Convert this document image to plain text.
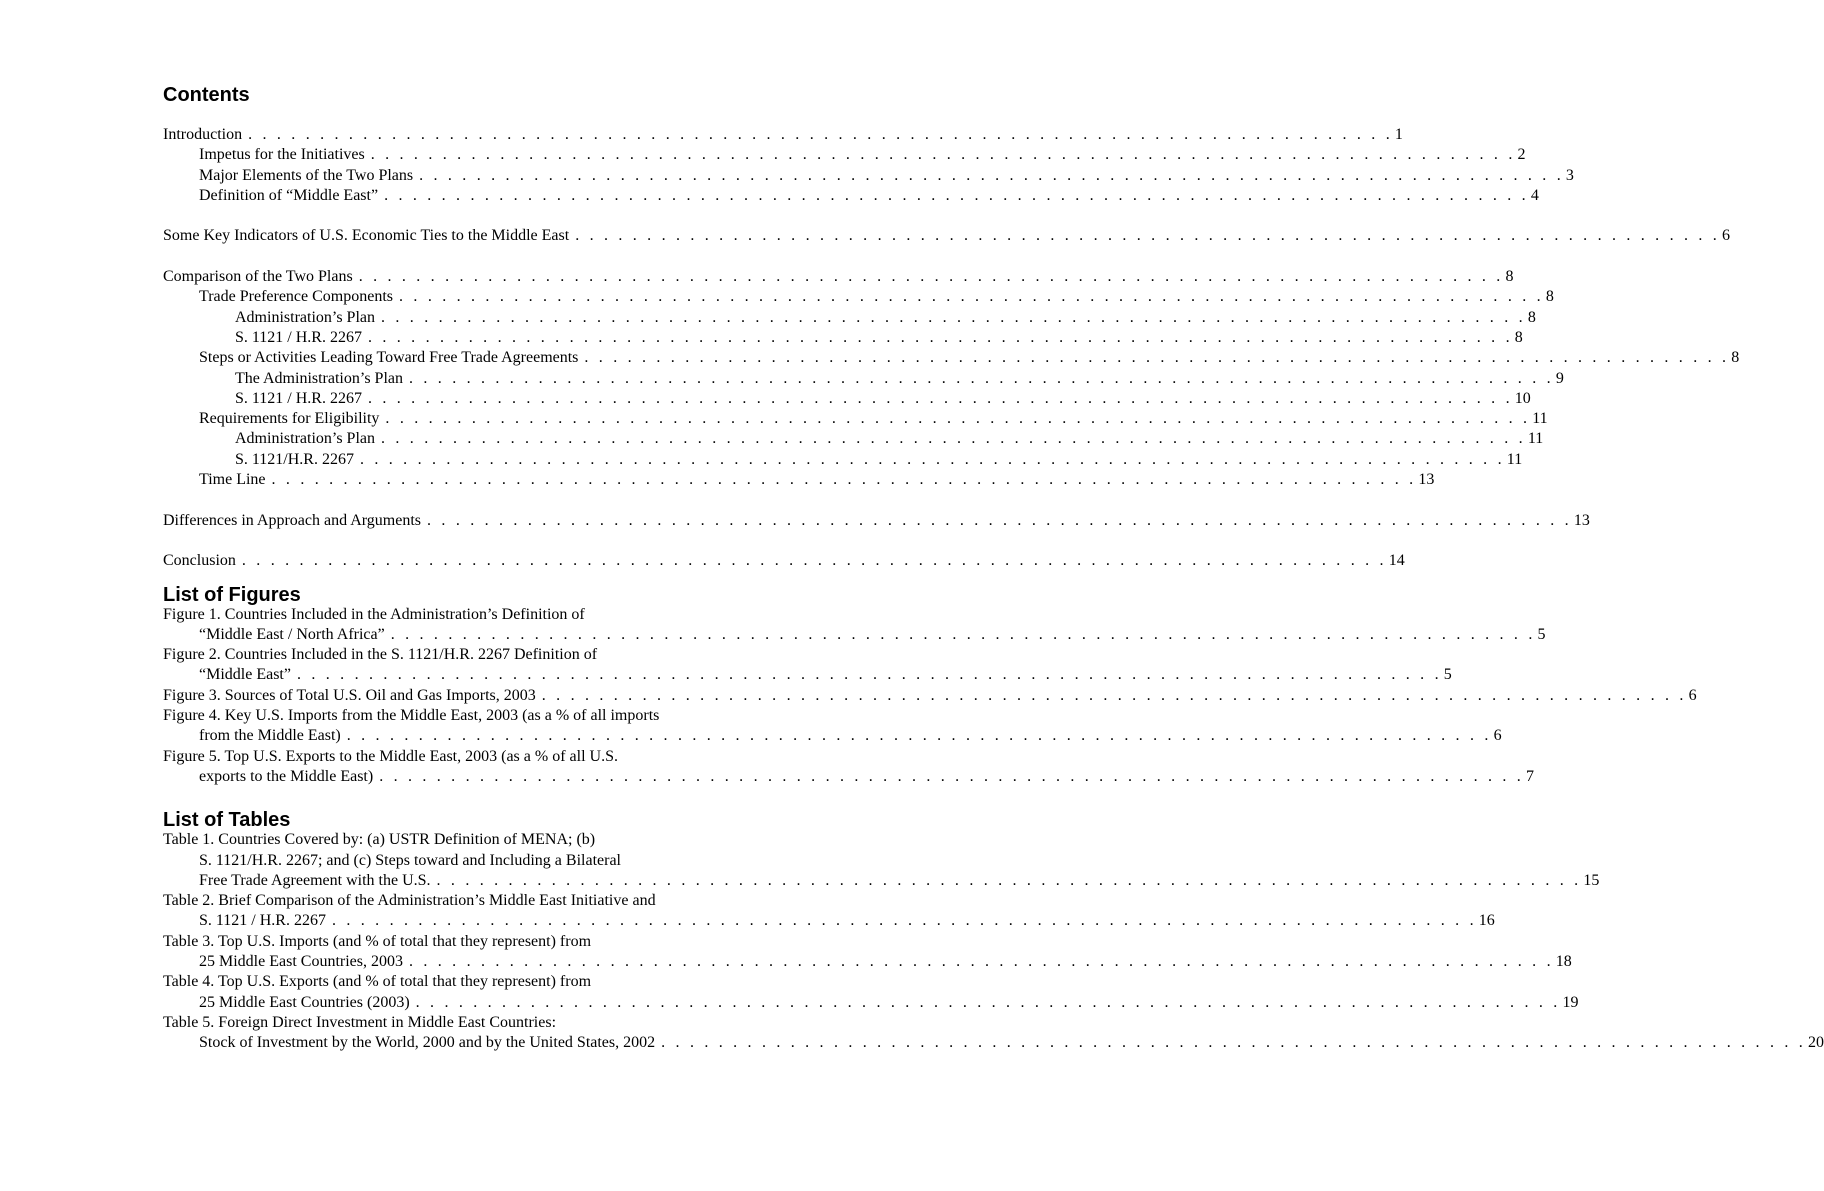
Contents
Introduction . . . . . . . . . . . . . . . . . . . . . . . . . . . . . . . . . . . . . . . . . . . . . . . . . . . . . . . . . . . . . . . . . . . . . . . . . . . . . . . . 1
Impetus for the Initiatives . . . . . . . . . . . . . . . . . . . . . . . . . . . . . . . . . . . . . . . . . . . . . . . . . . . . . . . . . . . . . . . . . . . . . . . . . . . . . . . . 2
Major Elements of the Two Plans . . . . . . . . . . . . . . . . . . . . . . . . . . . . . . . . . . . . . . . . . . . . . . . . . . . . . . . . . . . . . . . . . . . . . . . . . . . . . . . . 3
Definition of “Middle East” . . . . . . . . . . . . . . . . . . . . . . . . . . . . . . . . . . . . . . . . . . . . . . . . . . . . . . . . . . . . . . . . . . . . . . . . . . . . . . . . 4
Some Key Indicators of U.S. Economic Ties to the Middle East . . . . . . . . . . . . . . . . . . . . . . . . . . . . . . . . . . . . . . . . . . . . . . . . . . . . . . . . . . . . . . . . . . . . . . . . . . . . . . . . 6
Comparison of the Two Plans . . . . . . . . . . . . . . . . . . . . . . . . . . . . . . . . . . . . . . . . . . . . . . . . . . . . . . . . . . . . . . . . . . . . . . . . . . . . . . . . 8
Trade Preference Components . . . . . . . . . . . . . . . . . . . . . . . . . . . . . . . . . . . . . . . . . . . . . . . . . . . . . . . . . . . . . . . . . . . . . . . . . . . . . . . . 8
Administration’s Plan . . . . . . . . . . . . . . . . . . . . . . . . . . . . . . . . . . . . . . . . . . . . . . . . . . . . . . . . . . . . . . . . . . . . . . . . . . . . . . . . 8
S. 1121 / H.R. 2267 . . . . . . . . . . . . . . . . . . . . . . . . . . . . . . . . . . . . . . . . . . . . . . . . . . . . . . . . . . . . . . . . . . . . . . . . . . . . . . . . 8
Steps or Activities Leading Toward Free Trade Agreements . . . . . . . . . . . . . . . . . . . . . . . . . . . . . . . . . . . . . . . . . . . . . . . . . . . . . . . . . . . . . . . . . . . . . . . . . . . . . . . . 8
The Administration’s Plan . . . . . . . . . . . . . . . . . . . . . . . . . . . . . . . . . . . . . . . . . . . . . . . . . . . . . . . . . . . . . . . . . . . . . . . . . . . . . . . . 9
S. 1121 / H.R. 2267 . . . . . . . . . . . . . . . . . . . . . . . . . . . . . . . . . . . . . . . . . . . . . . . . . . . . . . . . . . . . . . . . . . . . . . . . . . . . . . . . 10
Requirements for Eligibility . . . . . . . . . . . . . . . . . . . . . . . . . . . . . . . . . . . . . . . . . . . . . . . . . . . . . . . . . . . . . . . . . . . . . . . . . . . . . . . . 11
Administration’s Plan . . . . . . . . . . . . . . . . . . . . . . . . . . . . . . . . . . . . . . . . . . . . . . . . . . . . . . . . . . . . . . . . . . . . . . . . . . . . . . . . 11
S. 1121/H.R. 2267 . . . . . . . . . . . . . . . . . . . . . . . . . . . . . . . . . . . . . . . . . . . . . . . . . . . . . . . . . . . . . . . . . . . . . . . . . . . . . . . . 11
Time Line . . . . . . . . . . . . . . . . . . . . . . . . . . . . . . . . . . . . . . . . . . . . . . . . . . . . . . . . . . . . . . . . . . . . . . . . . . . . . . . . 13
Differences in Approach and Arguments . . . . . . . . . . . . . . . . . . . . . . . . . . . . . . . . . . . . . . . . . . . . . . . . . . . . . . . . . . . . . . . . . . . . . . . . . . . . . . . . 13
Conclusion . . . . . . . . . . . . . . . . . . . . . . . . . . . . . . . . . . . . . . . . . . . . . . . . . . . . . . . . . . . . . . . . . . . . . . . . . . . . . . . . 14
List of Figures
Figure 1. Countries Included in the Administration’s Definition of
“Middle East / North Africa” . . . . . . . . . . . . . . . . . . . . . . . . . . . . . . . . . . . . . . . . . . . . . . . . . . . . . . . . . . . . . . . . . . . . . . . . . . . . . . . . 5
Figure 2. Countries Included in the S. 1121/H.R. 2267 Definition of
“Middle East” . . . . . . . . . . . . . . . . . . . . . . . . . . . . . . . . . . . . . . . . . . . . . . . . . . . . . . . . . . . . . . . . . . . . . . . . . . . . . . . . 5
Figure 3. Sources of Total U.S. Oil and Gas Imports, 2003 . . . . . . . . . . . . . . . . . . . . . . . . . . . . . . . . . . . . . . . . . . . . . . . . . . . . . . . . . . . . . . . . . . . . . . . . . . . . . . . . 6
Figure 4. Key U.S. Imports from the Middle East, 2003 (as a % of all imports
from the Middle East) . . . . . . . . . . . . . . . . . . . . . . . . . . . . . . . . . . . . . . . . . . . . . . . . . . . . . . . . . . . . . . . . . . . . . . . . . . . . . . . . 6
Figure 5. Top U.S. Exports to the Middle East, 2003 (as a % of all U.S.
exports to the Middle East) . . . . . . . . . . . . . . . . . . . . . . . . . . . . . . . . . . . . . . . . . . . . . . . . . . . . . . . . . . . . . . . . . . . . . . . . . . . . . . . . 7
List of Tables
Table 1. Countries Covered by: (a) USTR Definition of MENA; (b)
S. 1121/H.R. 2267; and (c) Steps toward and Including a Bilateral
Free Trade Agreement with the U.S. . . . . . . . . . . . . . . . . . . . . . . . . . . . . . . . . . . . . . . . . . . . . . . . . . . . . . . . . . . . . . . . . . . . . . . . . . . . . . . . . 15
Table 2. Brief Comparison of the Administration’s Middle East Initiative and
S. 1121 / H.R. 2267 . . . . . . . . . . . . . . . . . . . . . . . . . . . . . . . . . . . . . . . . . . . . . . . . . . . . . . . . . . . . . . . . . . . . . . . . . . . . . . . . 16
Table 3. Top U.S. Imports (and % of total that they represent) from
25 Middle East Countries, 2003 . . . . . . . . . . . . . . . . . . . . . . . . . . . . . . . . . . . . . . . . . . . . . . . . . . . . . . . . . . . . . . . . . . . . . . . . . . . . . . . . 18
Table 4. Top U.S. Exports (and % of total that they represent) from
25 Middle East Countries (2003) . . . . . . . . . . . . . . . . . . . . . . . . . . . . . . . . . . . . . . . . . . . . . . . . . . . . . . . . . . . . . . . . . . . . . . . . . . . . . . . . 19
Table 5. Foreign Direct Investment in Middle East Countries:
Stock of Investment by the World, 2000 and by the United States, 2002 . . . . . . . . . . . . . . . . . . . . . . . . . . . . . . . . . . . . . . . . . . . . . . . . . . . . . . . . . . . . . . . . . . . . . . . . . . . . . . . . 20
